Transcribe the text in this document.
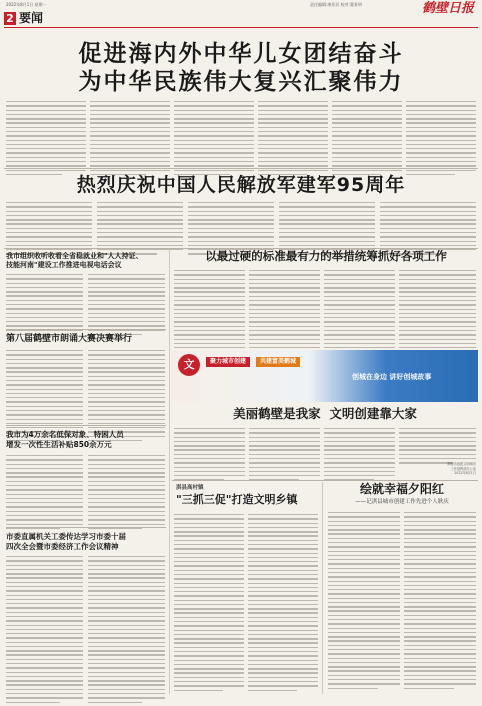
2022年8月1日 星期一
2 要闻
责任编辑:康亚民 校对:董景明	鹤壁日报
促进海内外中华儿女团结奋斗
为中华民族伟大复兴汇聚伟力
热烈庆祝中国人民解放军建军95周年
我市组织收听收看全省稳就业和"人人持证、
技能河南"建设工作推进电视电话会议
第八届鹤壁市朗诵大赛决赛举行
我市为4万余名低保对象、特困人员
增发一次性生活补贴850余万元
市委直属机关工委传达学习市委十届
四次全会暨市委经济工作会议精神
以最过硬的标准最有力的举措统筹抓好各项工作
文	聚力城市创建	共建富美鹤城
创城在身边 讲好创城故事
美丽鹤壁是我家  文明创建靠大家
鹤壁市创建文明城市
工作指挥部办公室
2022年8月1日
淇县高村镇
"三抓三促"打造文明乡镇
绘就幸福夕阳红
——记淇县城市创建工作先进个人耿庆
